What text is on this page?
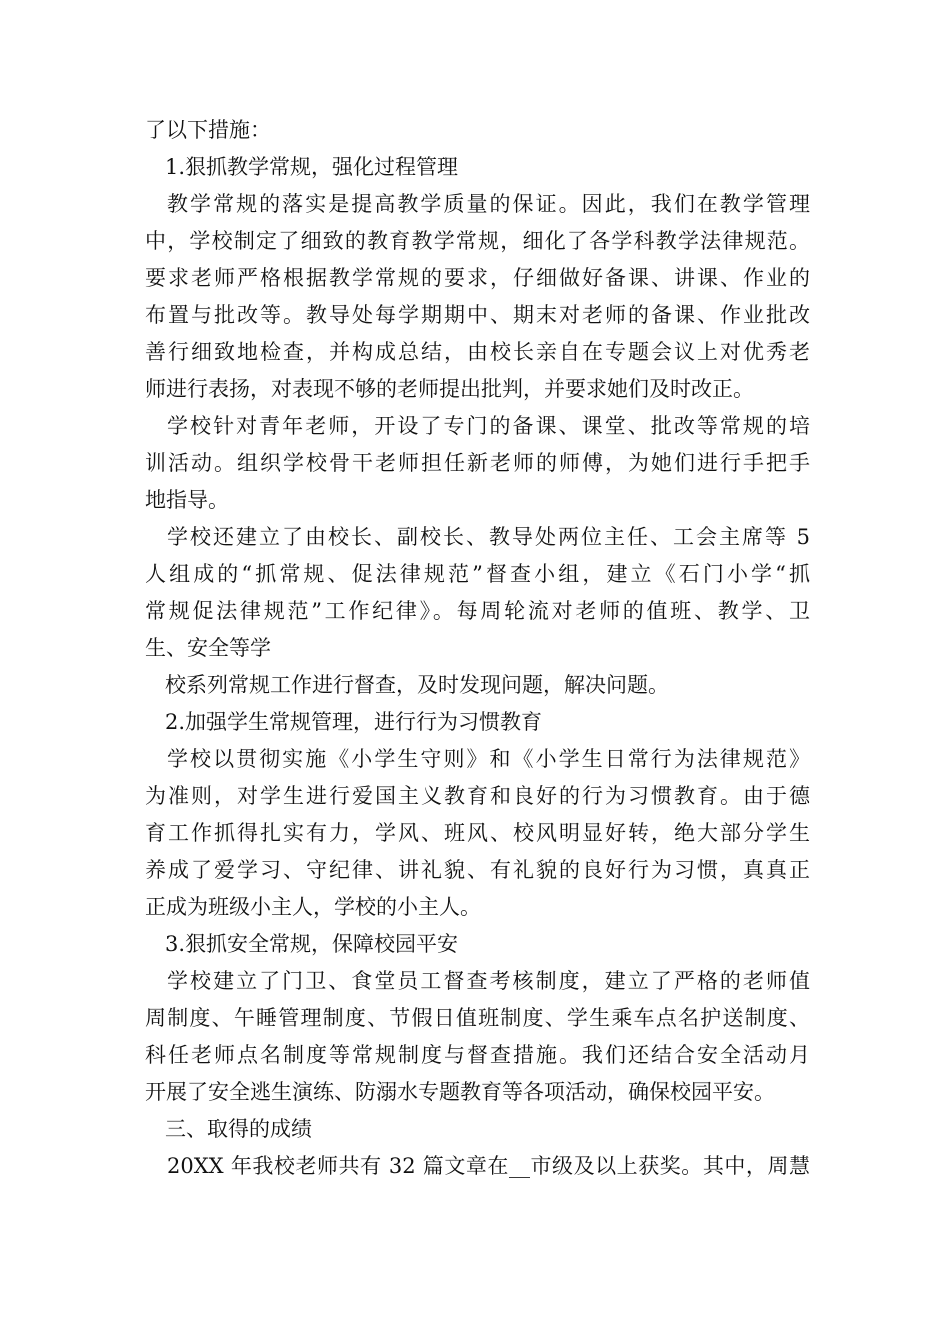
了以下措施：
1.狠抓教学常规，强化过程管理
教学常规的落实是提高教学质量的保证。因此，我们在教学管理
中，学校制定了细致的教育教学常规，细化了各学科教学法律规范。
要求老师严格根据教学常规的要求，仔细做好备课、讲课、作业的
布置与批改等。教导处每学期期中、期末对老师的备课、作业批改
善行细致地检查，并构成总结，由校长亲自在专题会议上对优秀老
师进行表扬，对表现不够的老师提出批判，并要求她们及时改正。
学校针对青年老师，开设了专门的备课、课堂、批改等常规的培
训活动。组织学校骨干老师担任新老师的师傅，为她们进行手把手
地指导。
学校还建立了由校长、副校长、教导处两位主任、工会主席等 5
人组成的“抓常规、促法律规范”督查小组，建立《石门小学“抓
常规促法律规范”工作纪律》。每周轮流对老师的值班、教学、卫
生、安全等学
校系列常规工作进行督查，及时发现问题，解决问题。
2.加强学生常规管理，进行行为习惯教育
学校以贯彻实施《小学生守则》和《小学生日常行为法律规范》
为准则，对学生进行爱国主义教育和良好的行为习惯教育。由于德
育工作抓得扎实有力，学风、班风、校风明显好转，绝大部分学生
养成了爱学习、守纪律、讲礼貌、有礼貌的良好行为习惯，真真正
正成为班级小主人，学校的小主人。
3.狠抓安全常规，保障校园平安
学校建立了门卫、食堂员工督查考核制度，建立了严格的老师值
周制度、午睡管理制度、节假日值班制度、学生乘车点名护送制度、
科任老师点名制度等常规制度与督查措施。我们还结合安全活动月
开展了安全逃生演练、防溺水专题教育等各项活动，确保校园平安。
三、取得的成绩
20XX 年我校老师共有 32 篇文章在__市级及以上获奖。其中，周慧
